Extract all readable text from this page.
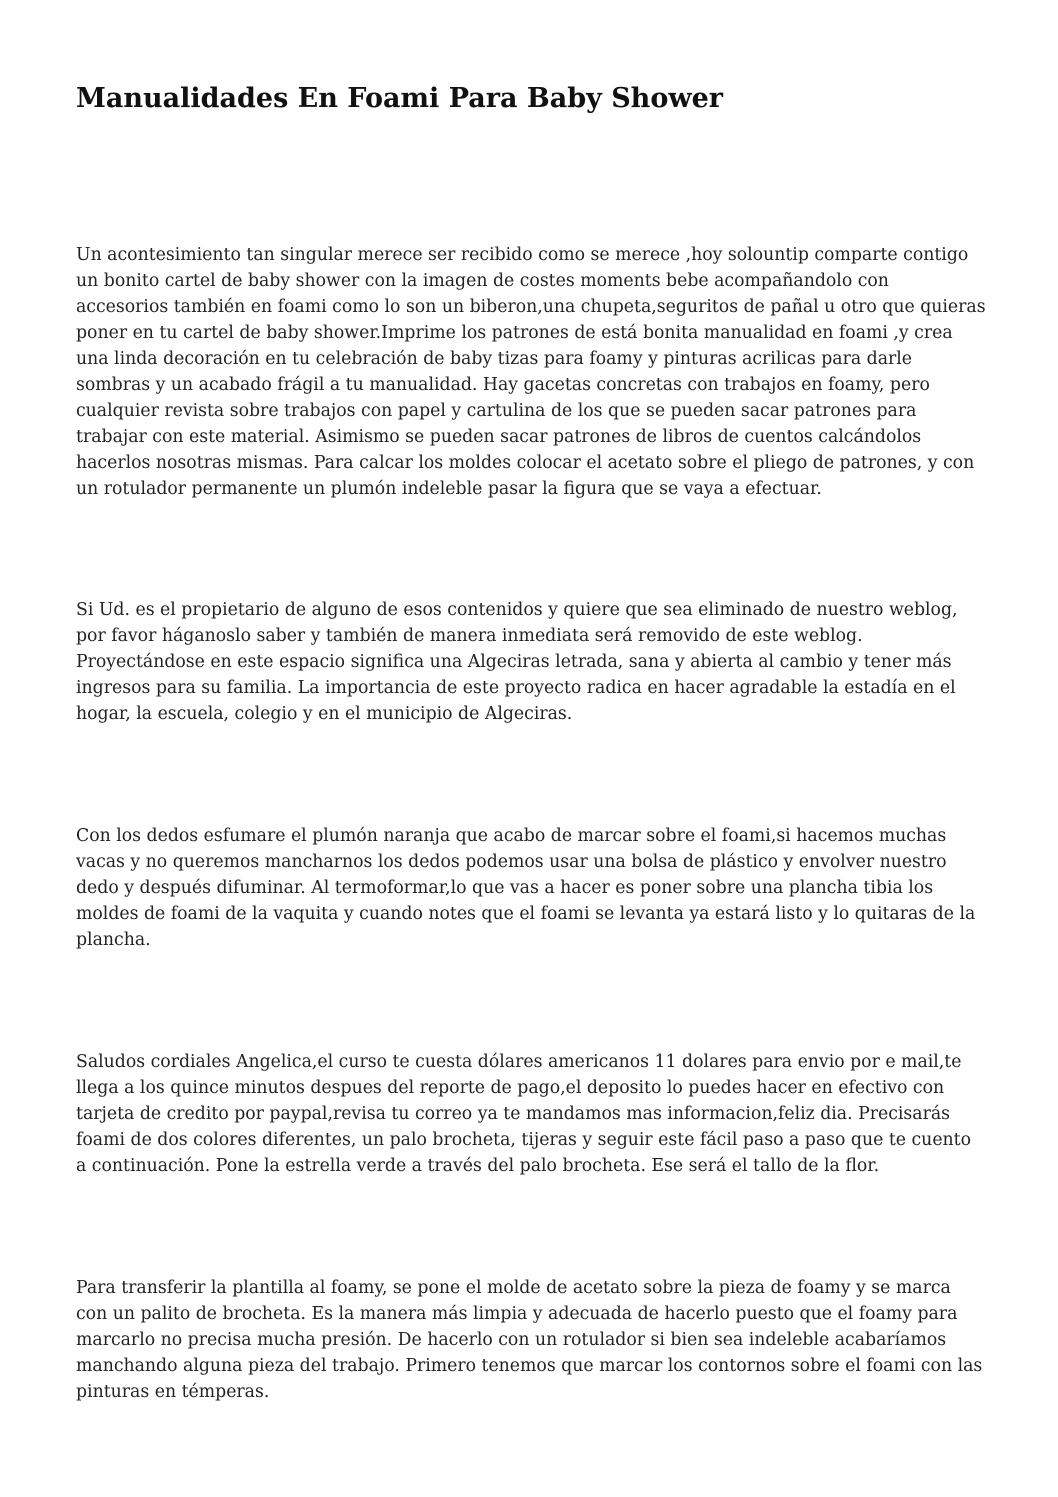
Manualidades En Foami Para Baby Shower

Un acontesimiento tan singular merece ser recibido como se merece ,hoy solountip comparte contigo un bonito cartel de baby shower con la imagen de costes moments bebe acompañandolo con accesorios también en foami como lo son un biberon,una chupeta,seguritos de pañal u otro que quieras poner en tu cartel de baby shower.Imprime los patrones de está bonita manualidad en foami ,y crea una linda decoración en tu celebración de baby tizas para foamy y pinturas acrilicas para darle sombras y un acabado frágil a tu manualidad. Hay gacetas concretas con trabajos en foamy, pero cualquier revista sobre trabajos con papel y cartulina de los que se pueden sacar patrones para trabajar con este material. Asimismo se pueden sacar patrones de libros de cuentos calcándolos hacerlos nosotras mismas. Para calcar los moldes colocar el acetato sobre el pliego de patrones, y con un rotulador permanente un plumón indeleble pasar la figura que se vaya a efectuar.

Si Ud. es el propietario de alguno de esos contenidos y quiere que sea eliminado de nuestro weblog, por favor háganoslo saber y también de manera inmediata será removido de este weblog. Proyectándose en este espacio significa una Algeciras letrada, sana y abierta al cambio y tener más ingresos para su familia. La importancia de este proyecto radica en hacer agradable la estadía en el hogar, la escuela, colegio y en el municipio de Algeciras.

Con los dedos esfumare el plumón naranja que acabo de marcar sobre el foami,si hacemos muchas vacas y no queremos mancharnos los dedos podemos usar una bolsa de plástico y envolver nuestro dedo y después difuminar. Al termoformar,lo que vas a hacer es poner sobre una plancha tibia los moldes de foami de la vaquita y cuando notes que el foami se levanta ya estará listo y lo quitaras de la plancha.

Saludos cordiales Angelica,el curso te cuesta dólares americanos 11 dolares para envio por e mail,te llega a los quince minutos despues del reporte de pago,el deposito lo puedes hacer en efectivo con tarjeta de credito por paypal,revisa tu correo ya te mandamos mas informacion,feliz dia. Precisarás foami de dos colores diferentes, un palo brocheta, tijeras y seguir este fácil paso a paso que te cuento a continuación. Pone la estrella verde a través del palo brocheta. Ese será el tallo de la flor.

Para transferir la plantilla al foamy, se pone el molde de acetato sobre la pieza de foamy y se marca con un palito de brocheta. Es la manera más limpia y adecuada de hacerlo puesto que el foamy para marcarlo no precisa mucha presión. De hacerlo con un rotulador si bien sea indeleble acabaríamos manchando alguna pieza del trabajo. Primero tenemos que marcar los contornos sobre el foami con las pinturas en témperas.
